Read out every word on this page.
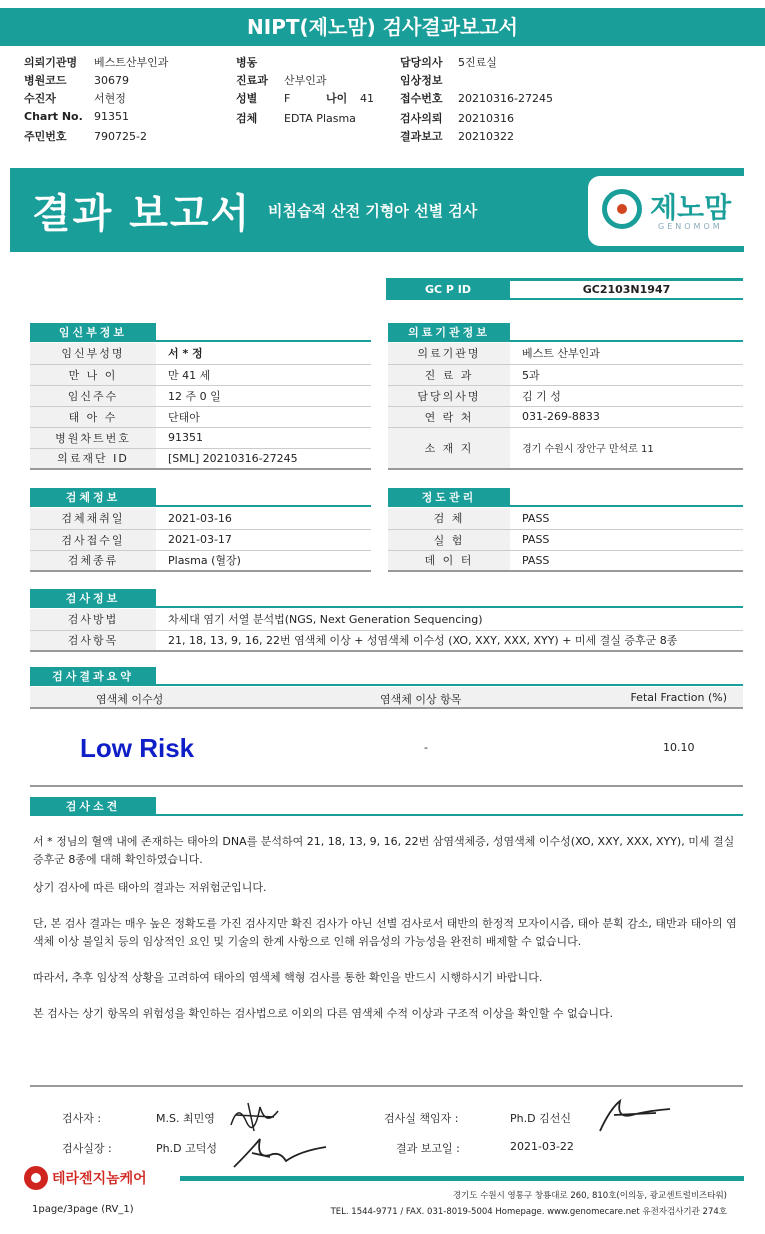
NIPT(제노맘) 검사결과보고서
의뢰기관명 베스트산부인과
병원코드 30679
수진자	서현정
Chart No. 91351
주민번호 790725-2
병동
진료과 산부인과
성별 F	나이 41
검체 EDTA Plasma
담당의사 5진료실
임상정보
접수번호 20210316-27245
검사의뢰 20210316
결과보고 20210322
결과 보고서 비침습적 산전 기형아 선별 검사	제노맘
GENOMOM
GC P ID	GC2103N1947
임신부정보
임신부성명	서 * 정
만 나 이	만 41 세
임신주수	12 주 0 일
태 아 수	단태아
병원차트번호	91351
의료재단 ID	[SML] 20210316-27245
의료기관정보
의료기관명	베스트 산부인과
진 료 과	5과
담당의사명	김 기 성
연 락 처	031-269-8833
소 재 지	경기 수원시 장안구 만석로 11
검체정보
검체채취일	2021-03-16
검사접수일	2021-03-17
검체종류	Plasma (혈장)
정도관리
검 체	PASS
실 험	PASS
데 이 터	PASS
검사정보
검사방법	차세대 염기 서열 분석법(NGS, Next Generation Sequencing)
검사항목	21, 18, 13, 9, 16, 22번 염색체 이상 + 성염색체 이수성 (XO, XXY, XXX, XYY) + 미세 결실 증후군 8종
검사결과요약
염색체 이수성	염색체 이상 항목	Fetal Fraction (%)
Low Risk	-	10.10
검사소견
서 * 정님의 혈액 내에 존재하는 태아의 DNA를 분석하여 21, 18, 13, 9, 16, 22번 삼염색체증, 성염색체 이수성(XO, XXY, XXX, XYY), 미세 결실 증후군 8종에 대해 확인하였습니다.
상기 검사에 따른 태아의 결과는 저위험군입니다.
단, 본 검사 결과는 매우 높은 정확도를 가진 검사지만 확진 검사가 아닌 선별 검사로서 태반의 한정적 모자이시즘, 태아 분획 감소, 태반과 태아의 염색체 이상 불일치 등의 임상적인 요인 및 기술의 한계 사항으로 인해 위음성의 가능성을 완전히 배제할 수 없습니다.
따라서, 추후 임상적 상황을 고려하여 태아의 염색체 핵형 검사를 통한 확인을 반드시 시행하시기 바랍니다.
본 검사는 상기 항목의 위험성을 확인하는 검사법으로 이외의 다른 염색체 수적 이상과 구조적 이상을 확인할 수 없습니다.
검사자 :	M.S. 최민영
검사실장 :	Ph.D 고덕성
검사실 책임자 :	Ph.D 김선신
결과 보고일 :	2021-03-22
테라젠지놈케어
경기도 수원시 영통구 창룡대로 260, 810호(이의동, 광교센트럴비즈타워)
TEL. 1544-9771 / FAX. 031-8019-5004 Homepage. www.genomecare.net 유전자검사기관 274호
1page/3page (RV_1)
